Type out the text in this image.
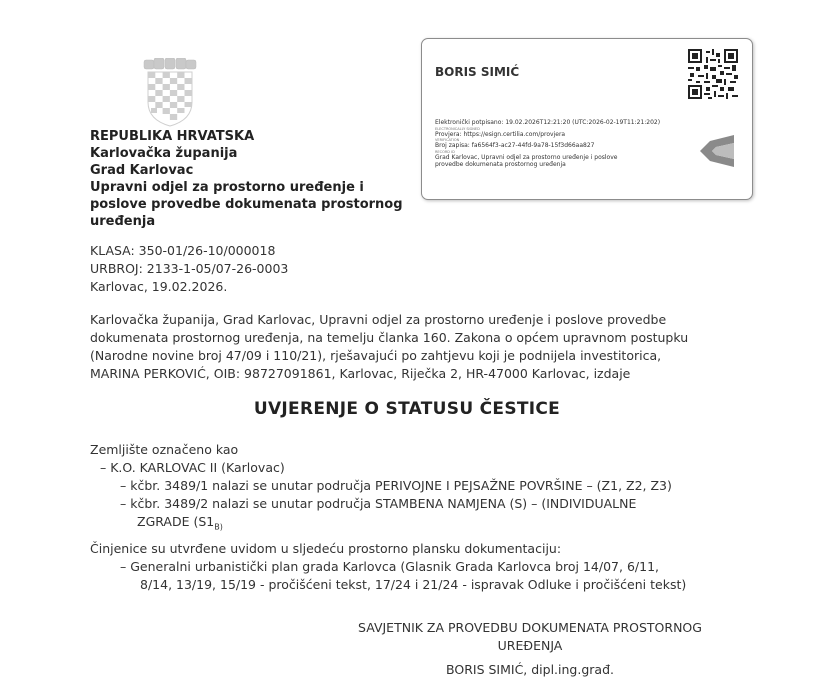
REPUBLIKA HRVATSKA
Karlovačka županija
Grad Karlovac
Upravni odjel za prostorno uređenje i
poslove provedbe dokumenata prostornog
uređenja
KLASA: 350-01/26-10/000018
URBROJ: 2133-1-05/07-26-0003
Karlovac, 19.02.2026.
BORIS SIMIĆ
Elektronički potpisano: 19.02.2026T12:21:20 (UTC:2026-02-19T11:21:202)
ELECTRONICALLY SIGNED
Provjera: https://esign.certilia.com/provjera
VERIFICATION
Broj zapisa: fa6564f3-ac27-44fd-9a78-15f3d66aa827
RECORD ID
Grad Karlovac, Upravni odjel za prostorno uređenje i poslove
provedbe dokumenata prostornog uređenja
Karlovačka županija, Grad Karlovac, Upravni odjel za prostorno uređenje i poslove provedbe
dokumenata prostornog uređenja, na temelju članka 160. Zakona o općem upravnom postupku
(Narodne novine broj 47/09 i 110/21), rješavajući po zahtjevu koji je podnijela investitorica,
MARINA PERKOVIĆ, OIB: 98727091861, Karlovac, Riječka 2, HR-47000 Karlovac, izdaje
UVJERENJE O STATUSU ČESTICE
Zemljište označeno kao
– K.O. KARLOVAC II (Karlovac)
– kčbr. 3489/1 nalazi se unutar područja PERIVOJNE I PEJSAŽNE POVRŠINE – (Z1, Z2, Z3)
– kčbr. 3489/2 nalazi se unutar područja STAMBENA NAMJENA (S) – (INDIVIDUALNE
ZGRADE ($S1_{B)}$
Činjenice su utvrđene uvidom u sljedeću prostorno plansku dokumentaciju:
– Generalni urbanistički plan grada Karlovca (Glasnik Grada Karlovca broj 14/07, 6/11,
8/14, 13/19, 15/19 - pročišćeni tekst, 17/24 i 21/24 - ispravak Odluke i pročišćeni tekst)
SAVJETNIK ZA PROVEDBU DOKUMENATA PROSTORNOG
UREĐENJA
BORIS SIMIĆ, dipl.ing.građ.
